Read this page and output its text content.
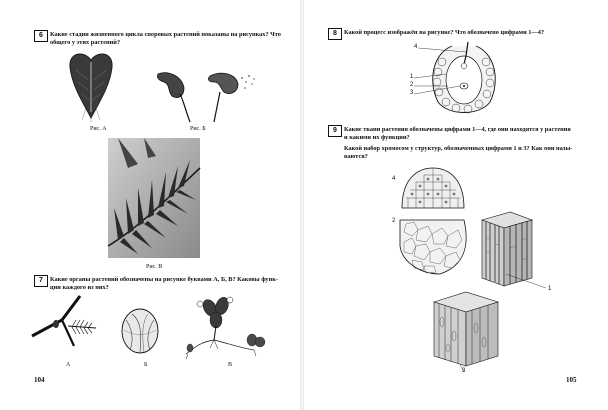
6	Какие стадии жизненного цикла споровых растений показаны на рисунках? Что
общего у этих растений?
Рис. А	Рис. Б
Рис. В
7	Какие органы растений обозначены на рисунке буквами А, Б, В? Каковы функ-
ции каждого из них?
А	Б	В
104
8	Какой процесс изображён на рисунке? Что обозначено цифрами 1—4?
4
1
2
3
9	Какие ткани растения обозначены цифрами 1—4, где они находятся у растения
и какими их функции?
Какой набор хромосом у структур, обозначенных цифрами 1 и 3? Как они назы-
ваются?
4
2
1
3
105
